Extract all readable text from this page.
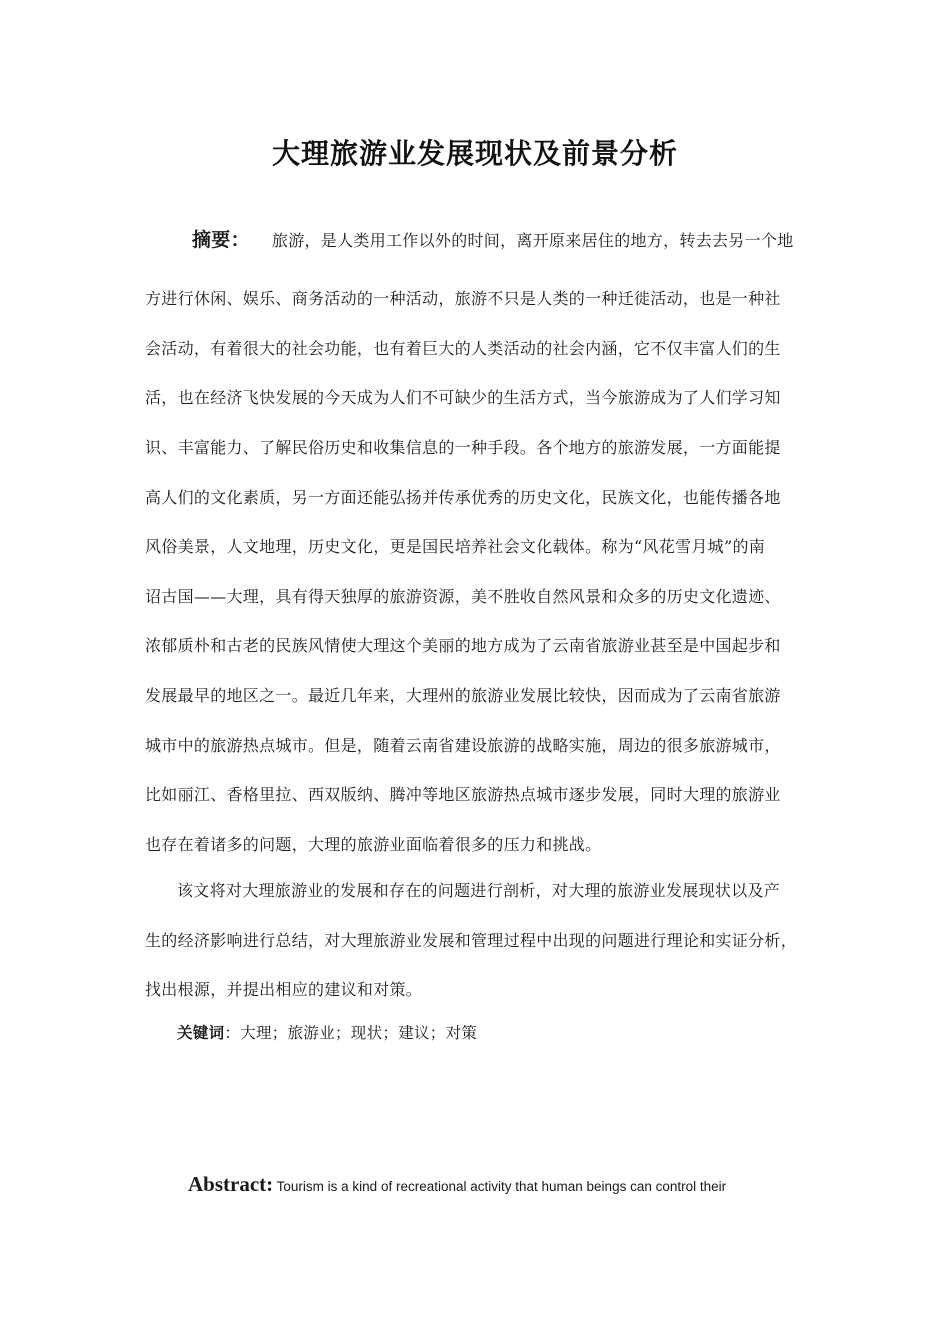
大理旅游业发展现状及前景分析
摘要： 旅游，是人类用工作以外的时间，离开原来居住的地方，转去去另一个地
方进行休闲、娱乐、商务活动的一种活动，旅游不只是人类的一种迁徙活动，也是一种社
会活动，有着很大的社会功能，也有着巨大的人类活动的社会内涵，它不仅丰富人们的生
活，也在经济飞快发展的今天成为人们不可缺少的生活方式，当今旅游成为了人们学习知
识、丰富能力、了解民俗历史和收集信息的一种手段。各个地方的旅游发展，一方面能提
高人们的文化素质，另一方面还能弘扬并传承优秀的历史文化，民族文化，也能传播各地
风俗美景，人文地理，历史文化，更是国民培养社会文化载体。称为“风花雪月城”的南
诏古国——大理，具有得天独厚的旅游资源，美不胜收自然风景和众多的历史文化遗迹、
浓郁质朴和古老的民族风情使大理这个美丽的地方成为了云南省旅游业甚至是中国起步和
发展最早的地区之一。最近几年来，大理州的旅游业发展比较快，因而成为了云南省旅游
城市中的旅游热点城市。但是，随着云南省建设旅游的战略实施，周边的很多旅游城市，
比如丽江、香格里拉、西双版纳、腾冲等地区旅游热点城市逐步发展，同时大理的旅游业
也存在着诸多的问题，大理的旅游业面临着很多的压力和挑战。
该文将对大理旅游业的发展和存在的问题进行剖析，对大理的旅游业发展现状以及产
生的经济影响进行总结，对大理旅游业发展和管理过程中出现的问题进行理论和实证分析，
找出根源，并提出相应的建议和对策。
关键词：大理；旅游业；现状；建议；对策
Abstract: Tourism is a kind of recreational activity that human beings can control their
